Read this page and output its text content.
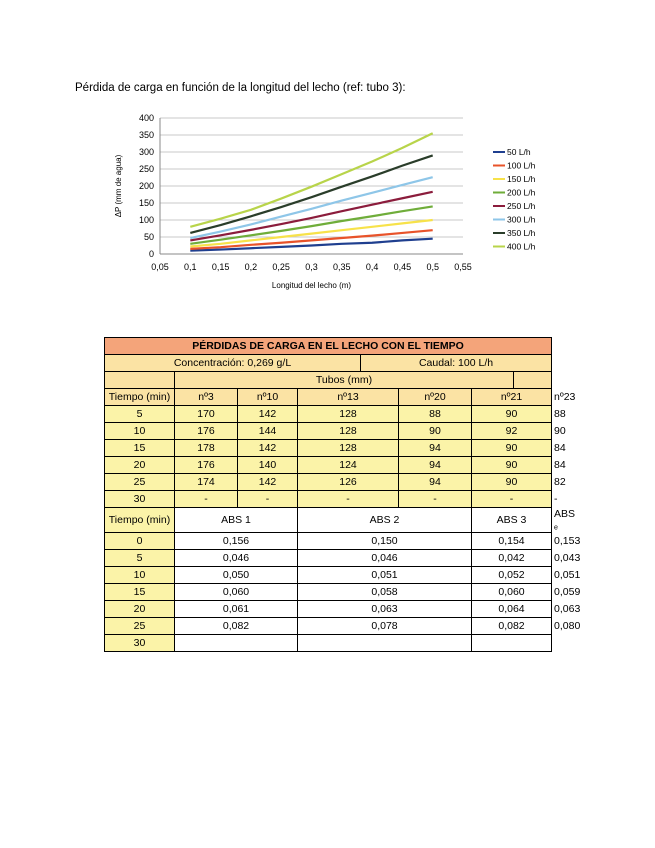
Pérdida de carga en función de la longitud del lecho (ref: tubo 3):
0
50
100
150
200
250
300
350
400
0,05 0,1 0,15 0,2 0,25 0,3 0,35 0,4 0,45 0,5 0,55
Longitud del lecho (m)
ΔP (mm de agua)
50 L/h
100 L/h
150 L/h
200 L/h
250 L/h
300 L/h
350 L/h
400 L/h
PÉRDIDAS DE CARGA EN EL LECHO CON EL TIEMPO								
Concentración: 0,269 g/L				Caudal: 100 L/h				
	Tubos (mm)							
Tiempo (min)	nº3	nº10	nº13		nº20	nº21		nº23
5	170	142	128		88	90		88
10	176	144	128		90	92		90
15	178	142	128		94	90		84
20	176	140	124		94	90		84
25	174	142	126		94	90		82
30	-	-	-		-	-		-
Tiempo (min)	ABS 1		ABS 2			ABS 3		ABS ₑ
0	0,156		0,150			0,154		0,153
5	0,046		0,046			0,042		0,043
10	0,050		0,051			0,052		0,051
15	0,060		0,058			0,060		0,059
20	0,061		0,063			0,064		0,063
25	0,082		0,078			0,082		0,080
30								
